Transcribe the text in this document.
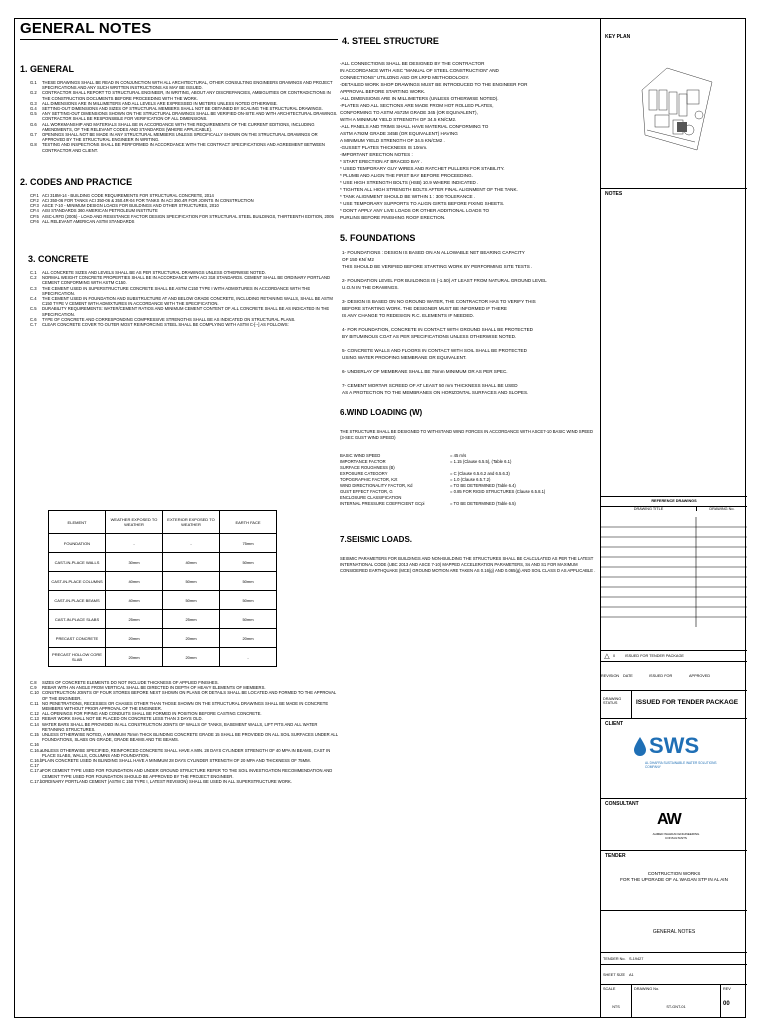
GENERAL NOTES
1. GENERAL
G.1	THESE DRAWINGS SHALL BE READ IN CONJUNCTION WITH ALL ARCHITECTURAL, OTHER CONSULTING ENGINEERS DRAWINGS AND PROJECT SPECIFICATIONS AND ANY SUCH WRITTEN INSTRUCTIONS AS MAY BE ISSUED.
G.2	CONTRACTOR SHALL REPORT TO STRUCTURAL ENGINEER, IN WRITING, ABOUT ANY DISCREPANCIES, AMBIGUITIES OR CONTRADICTIONS IN THE CONSTRUCTION DOCUMENTS BEFORE PROCEEDING WITH THE WORK.
G.3	ALL DIMENSIONS ARE IN MILLIMETERS AND ALL LEVELS ARE EXPRESSED IN METERS UNLESS NOTED OTHERWISE.
G.4	SETTING-OUT DIMENSIONS AND SIZES OF STRUCTURAL MEMBERS SHALL NOT BE OBTAINED BY SCALING THE STRUCTURAL DRAWINGS.
G.5	ANY SETTING-OUT DIMENSIONS SHOWN ON THE STRUCTURAL DRAWINGS SHALL BE VERIFIED ON-SITE AND WITH ARCHITECTURAL DRAWINGS. CONTRACTOR SHALL BE RESPONSIBLE FOR VERIFICATION OF ALL DIMENSIONS.
G.6	ALL WORKMANSHIP AND MATERIALS SHALL BE IN ACCORDANCE WITH THE REQUIREMENTS OF THE CURRENT EDITIONS, INCLUDING AMENDMENTS, OF THE RELEVANT CODES AND STANDARDS (WHERE APPLICABLE).
G.7	OPENINGS SHALL NOT BE MADE IN ANY STRUCTURAL MEMBERS UNLESS SPECIFICALLY SHOWN ON THE STRUCTURAL DRAWINGS OR APPROVED BY THE STRUCTURAL ENGINEER IN WRITING.
G.8	TESTING AND INSPECTIONS SHALL BE PERFORMED IN ACCORDANCE WITH THE CONTRACT SPECIFICATIONS AND AGREEMENT BETWEEN CONTRACTOR AND CLIENT.
2. CODES AND PRACTICE
CP.1 ACI 318M-14 - BUILDING CODE REQUIREMENTS FOR STRUCTURAL CONCRETE, 2014
CP.2 ACI 350-06 FOR TANKS ACI 350-06 & 350.4R-04 FOR TANKS IN ACI 350.4R FOR JOINTS IN CONSTRUCTION
CP.3 ASCE 7-10 - MINIMUM DESIGN LOADS FOR BUILDINGS AND OTHER STRUCTURES, 2010
CP.4 AISI STANDARDS 360 AMERICAN PETROLEUM INSTITUTE
CP.5 AISC-LRFD (2005) - LOAD AND RESISTANCE FACTOR DESIGN SPECIFICATION FOR STRUCTURAL STEEL BUILDINGS, THIRTEENTH EDITION, 2005
CP.6 ALL RELEVANT AMERICAN ASTM STANDARDS
3. CONCRETE
C.1	ALL CONCRETE SIZES AND LEVELS SHALL BE AS PER STRUCTURAL DRAWINGS UNLESS OTHERWISE NOTED.
C.2	NORMAL WEIGHT CONCRETE PROPERTIES SHALL BE IN ACCORDANCE WITH ACI 318 STANDARDS. CEMENT SHALL BE ORDINARY PORTLAND CEMENT CONFORMING WITH ASTM C150.
C.3	THE CEMENT USED IN SUPERSTRUCTURE CONCRETE SHALL BE ASTM C150 TYPE I WITH ADMIXTURES IN ACCORDANCE WITH THE SPECIFICATION.
C.4	THE CEMENT USED IN FOUNDATION AND SUBSTRUCTURE AT AND BELOW GRADE CONCRETE, INCLUDING RETAINING WALLS, SHALL BE ASTM C150 TYPE V CEMENT WITH ADMIXTURES IN ACCORDANCE WITH THE SPECIFICATION.
C.5	DURABILITY REQUIREMENTS: WATER/CEMENT RATIOS AND MINIMUM CEMENT CONTENT OF ALL CONCRETE SHALL BE AS INDICATED IN THE SPECIFICATION.
C.6	TYPE OF CONCRETE AND CORRESPONDING COMPRESSIVE STRENGTHS SHALL BE AS INDICATED ON STRUCTURAL PLANS.
C.7	CLEAR CONCRETE COVER TO OUTER MOST REINFORCING STEEL SHALL BE COMPLYING WITH ASTM C-[--] AS FOLLOWS:
ELEMENT	WEATHER EXPOSED TO WEATHER	EXTERIOR EXPOSED TO WEATHER	EARTH FACE
FOUNDATION	-	-	75mm
CAST-IN-PLACE WALLS	30mm	40mm	50mm
CAST-IN-PLACE COLUMNS	40mm	50mm	50mm
CAST-IN-PLACE BEAMS	40mm	50mm	50mm
CAST-IN-PLACE SLABS	25mm	25mm	50mm
PRECAST CONCRETE	20mm	20mm	20mm
PRECAST HOLLOW CORE SLAB	20mm	20mm	-
C.8	SIZES OF CONCRETE ELEMENTS DO NOT INCLUDE THICKNESS OF APPLIED FINISHES.
C.9	REBAR WITH AN ANGLE FROM VERTICAL SHALL BE DIRECTED IN DEPTH OF HEAVY ELEMENTS OF MEMBERS.
C.10 CONSTRUCTION JOINTS OF FOUR STORES BEFORE NEXT SHOWN ON PLANS OR DETAILS SHALL BE LOCATED AND FORMED TO THE APPROVAL OF THE ENGINEER.
C.11 NO PENETRATIONS, RECESSES OR CHASES OTHER THAN THOSE SHOWN ON THE STRUCTURAL DRAWINGS SHALL BE MADE IN CONCRETE MEMBERS WITHOUT PRIOR APPROVAL OF THE ENGINEER.
C.12 ALL OPENINGS FOR PIPING AND CONDUITS SHALL BE FORMED IN POSITION BEFORE CASTING CONCRETE.
C.13 REBAR WORK SHALL NOT BE PLACED ON CONCRETE LESS THAN 3 DAYS OLD.
C.14 WATER BARS SHALL BE PROVIDED IN ALL CONSTRUCTION JOINTS OF WALLS OF TANKS, BASEMENT WALLS, LIFT PITS AND ALL WATER RETAINING STRUCTURES.
C.15 UNLESS OTHERWISE NOTED, A MINIMUM 75mm THICK BLINDING CONCRETE GRADE 15 SHALL BE PROVIDED ON ALL SOIL SURFACES UNDER ALL FOUNDATIONS, SLABS ON GRADE, GRADE BEAMS AND TIE BEAMS.
C.16
C.16.a UNLESS OTHERWISE SPECIFIED, REINFORCED CONCRETE SHALL HAVE A MIN. 28 DAYS CYLINDER STRENGTH OF 40 MPA IN BEAMS, CAST IN PLACE SLABS, WALLS, COLUMNS AND FOUNDATION.
C.16.b PLAIN CONCRETE USED IN BLINDING SHALL HAVE A MINIMUM 28 DAYS CYLINDER STRENGTH OF 20 MPA AND THICKNESS OF 75MM.
C.17
C.17.a FOR CEMENT TYPE USED FOR FOUNDATION AND UNDER GROUND STRUCTURE REFER TO THE SOIL INVESTIGATION RECOMMENDATION AND CEMENT TYPE USED FOR FOUNDATION SHOULD BE APPROVED BY THE PROJECT ENGINEER.
C.17.b ORDINARY PORTLAND CEMENT (ASTM C 150 TYPE I, LATEST REVISION) SHALL BE USED IN ALL SUPERSTRUCTURE WORK.
4. STEEL STRUCTURE
-ALL CONNECTIONS SHALL BE DESIGNED BY THE CONTRACTOR
IN ACCORDANCE WITH AISC "MANUAL OF STEEL CONSTRUCTION" AND
CONNECTIONS" UTILIZING ASD OR LRFD METHODOLOGY.
-DETAILED WORK SHOP DRAWINGS MUST BE INTRODUCED TO THE ENGINEER FOR
APPROVAL BEFORE STARTING WORK.
-ALL DIMENSIONS ARE IN MILLIMETERS (UNLESS OTHERWISE NOTED).
-PLATES AND ALL SECTIONS ARE MADE FROM HOT ROLLED PLATES,
CONFORMING TO ASTM A572M GRADE 345 (OR EQUIVALENT),
WITH A MINIMUM YIELD STRENGTH OF 34.5 KN/CM2.
-ALL PANELS AND TRIMS SHALL HAVE MATERIAL CONFORMING TO
ASTM A792M GRADE 345B (OR EQUIVALENT) HAVING
A MINIMUM YIELD STRENGTH OF 34.5 KN/CM2 .
-GUSSET PLATES THICKNESS IS 10mm.
-IMPORTANT ERECTION NOTES :
* START ERECTION AT BRACED BAY .
* USED TEMPORARY GUY WIRES AND RATCHET PULLERS FOR STABILITY.
* PLUMB AND ALIGN THE FIRST BAY BEFORE PROCEEDING.
* USE HIGH STRENGTH BOLTS (HSB) 10.9 WHERE INDICATED .
* TIGHTEN ALL HIGH STRENGTH BOLTS AFTER FINAL ALIGNMENT OF THE TANK.
* TANK ALIGNMENT SHOULD BE WITHIN 1 : 300 TOLERANCE .
* USE TEMPORARY SUPPORTS TO ALIGN GIRTS BEFORE FIXING SHEETS.
* DON'T APPLY ANY LIVE LOADS OR OTHER ADDITIONAL LOADS TO
PURLINS BEFORE FINISHING ROOF ERECTION.
5. FOUNDATIONS
1- FOUNDATIONS : DESIGN IS BASED ON AN ALLOWABLE NET BEARING CAPACITY
OF 150 KN/ M2
THIS SHOULD BE VERIFIED BEFORE STARTING WORK BY PERFORMING SITE TESTS .

2- FOUNDATION LEVEL FOR BUILDINGS IS (-1.50) AT LEAST FROM NATURAL GROUND LEVEL
U.O.N IN THE DRAWINGS.

3- DESIGN IS BASED ON NO GROUND WATER, THE CONTRACTOR HAS TO VERIFY THIS
BEFORE STARTING WORK. THE DESIGNER MUST BE INFORMED IF THERE
IS ANY CHANGE TO REDESIGN R.C. ELEMENTS IF NEEDED.

4- FOR FOUNDATION, CONCRETE IN CONTACT WITH GROUND SHALL BE PROTECTED
BY BITUMINOUS COAT AS PER SPECIFICATIONS UNLESS OTHERWISE NOTED.

5- CONCRETE WALLS AND FLOORS IN CONTACT WITH SOIL SHALL BE PROTECTED
USING WATER PROOFING MEMBRANE OR EQUIVALENT.

6- UNDERLAY OF MEMBRANE SHALL BE 75mm MINIMUM OR AS PER SPEC.

7- CEMENT MORTAR SCREED OF AT LEAST 50 mm THICKNESS SHALL BE USED
AS A PROTECTION TO THE MEMBRANES ON HORIZONTAL SURFACES AND SLOPES.
6.WIND LOADING (W)
THE STRUCTURE SHALL BE DESIGNED TO WITHSTAND WIND FORCES IN ACCORDANCE WITH ASCE7-10 BASIC WIND SPEED (3-SEC GUST WIND SPEED)
BASIC WIND SPEED	= 45 m/s
IMPORTANCE FACTOR	= 1.15 (Clause 6.5.5), (Table 6.1)
SURFACE ROUGHNESS (B)
EXPOSURE CATEGORY	= C (Clause 6.5.6.2 and 6.5.6.3)
TOPOGRAPHIC FACTOR, Kzt	= 1.0 (Clause 6.5.7.2)
WIND DIRECTIONALITY FACTOR, Kd	= TO BE DETERMINED (Table 6.4)
GUST EFFECT FACTOR, G	= 0.85 FOR RIGID STRUCTURES (Clause 6.5.8.1)
ENCLOSURE CLASSIFICATION
INTERNAL PRESSURE COEFFICIENT GCpi	= TO BE DETERMINED (Table 6.5)
7.SEISMIC LOADS.
SEISMIC PARAMETERS FOR BUILDINGS AND NON-BUILDING THE STRUCTURES SHALL BE CALCULATED AS PER THE LATEST INTERNATIONAL CODE (UBC 2013 AND ASCE 7-10) MAPPED ACCELERATION PARAMETERS, Ss AND S1 FOR MAXIMUM CONSIDERED EARTHQUAKE (MCE) GROUND MOTION ARE TAKEN AS 0.16(g) AND 0.065(g) AND SOIL CLASS D AS APPLICABLE .
KEY PLAN
NOTES
REFERENCE DRAWINGS
DRAWING TITLE	DRAWING No.
△ 0	ISSUED FOR TENDER PACKAGE
REVISION	DATE	ISSUED FOR	APPROVED
DRAWING STATUS	ISSUED FOR TENDER PACKAGE
CLIENT
SWS
AL DHAFRA SUSTAINABLE WATER SOLUTIONS COMPANY
CONSULTANT
AW
AHMED WAHDAN ENGINEERING CONSULTANTS
TENDER
CONTRUCTION WORKS
FOR THE UPGRADE OF AL WAGAN STP IN AL AIN
GENERAL NOTES
TENDER No. S-19427
SHEET SIZE	A1
SCALE
NTS
DRAWING No.
ST-GNT-01
REV
00
